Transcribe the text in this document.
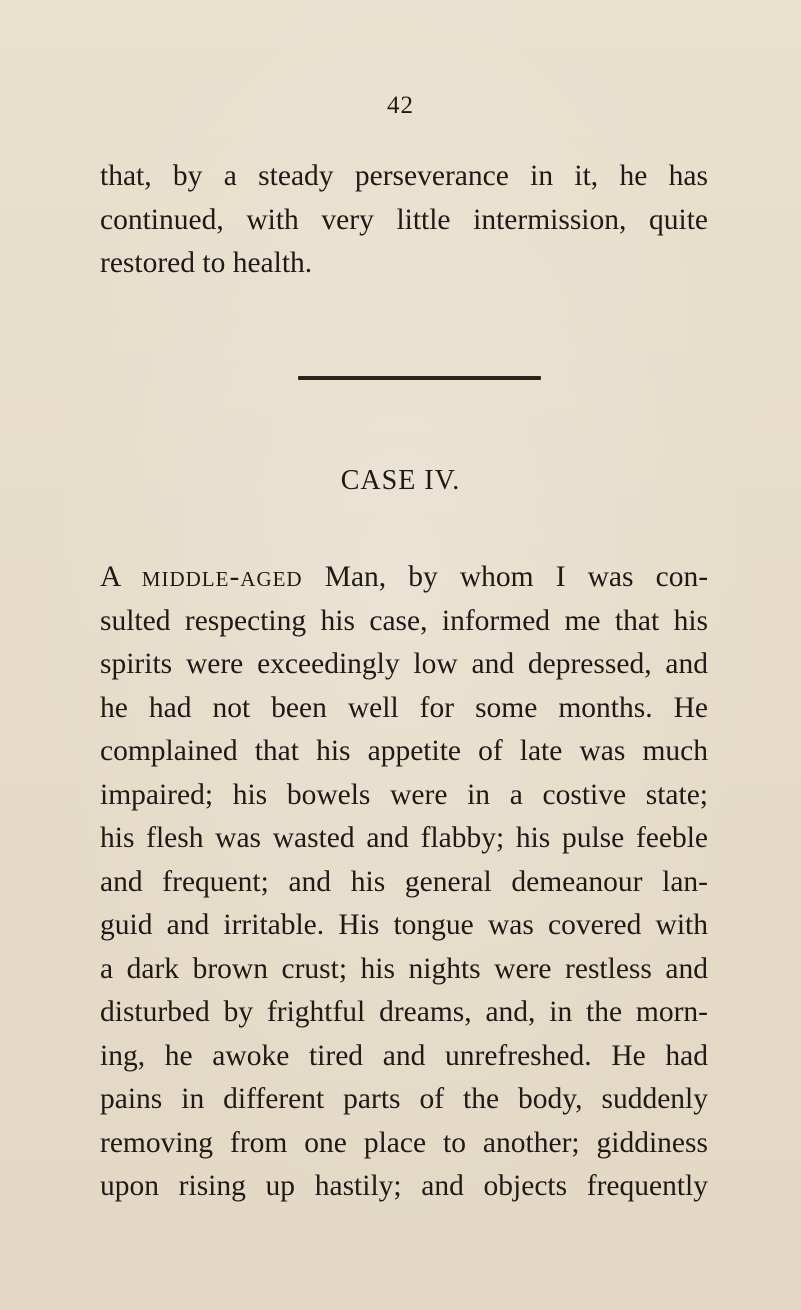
42
that, by a steady perseverance in it, he has
continued, with very little intermission, quite
restored to health.
CASE IV.
A middle-aged Man, by whom I was con-
sulted respecting his case, informed me that his
spirits were exceedingly low and depressed, and
he had not been well for some months. He
complained that his appetite of late was much
impaired; his bowels were in a costive state;
his flesh was wasted and flabby; his pulse feeble
and frequent; and his general demeanour lan-
guid and irritable. His tongue was covered with
a dark brown crust; his nights were restless and
disturbed by frightful dreams, and, in the morn-
ing, he awoke tired and unrefreshed. He had
pains in different parts of the body, suddenly
removing from one place to another; giddiness
upon rising up hastily; and objects frequently
